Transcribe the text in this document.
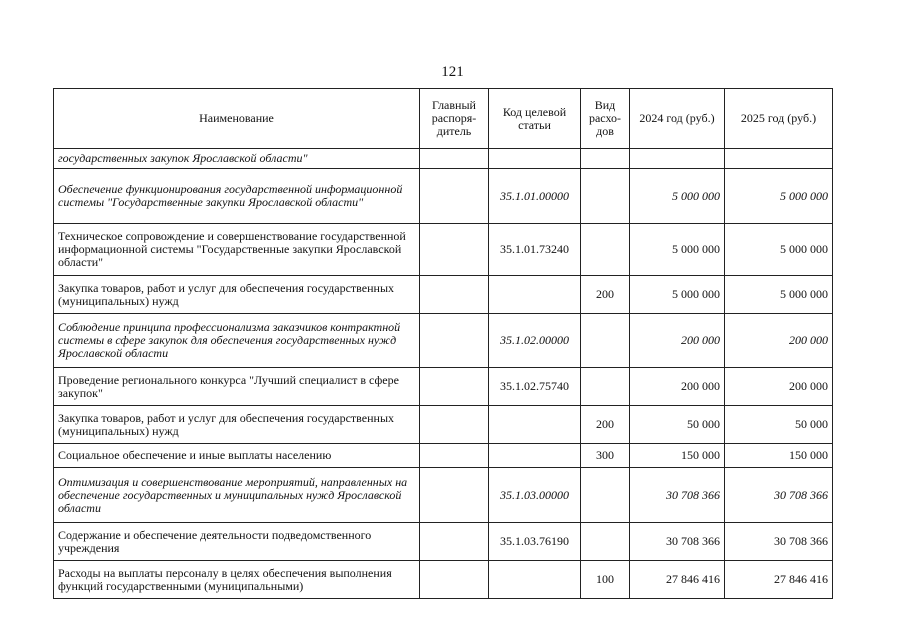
121
Наименование	Главный распоря-дитель	Код целевой статьи	Вид расхо-дов	2024 год (руб.)	2025 год (руб.)
государственных закупок Ярославской области"					
Обеспечение функционирования государственной информационной системы "Государственные закупки Ярославской области"		35.1.01.00000		5 000 000	5 000 000
Техническое сопровождение и совершенствование государственной информационной системы "Государственные закупки Ярославской области"		35.1.01.73240		5 000 000	5 000 000
Закупка товаров, работ и услуг для обеспечения государственных (муниципальных) нужд			200	5 000 000	5 000 000
Соблюдение принципа профессионализма заказчиков контрактной системы в сфере закупок для обеспечения государственных нужд Ярославской области		35.1.02.00000		200 000	200 000
Проведение регионального конкурса "Лучший специалист в сфере закупок"		35.1.02.75740		200 000	200 000
Закупка товаров, работ и услуг для обеспечения государственных (муниципальных) нужд			200	50 000	50 000
Социальное обеспечение и иные выплаты населению			300	150 000	150 000
Оптимизация и совершенствование мероприятий, направленных на обеспечение государственных и муниципальных нужд Ярославской области		35.1.03.00000		30 708 366	30 708 366
Содержание и обеспечение деятельности подведомственного учреждения		35.1.03.76190		30 708 366	30 708 366
Расходы на выплаты персоналу в целях обеспечения выполнения функций государственными (муниципальными)			100	27 846 416	27 846 416
